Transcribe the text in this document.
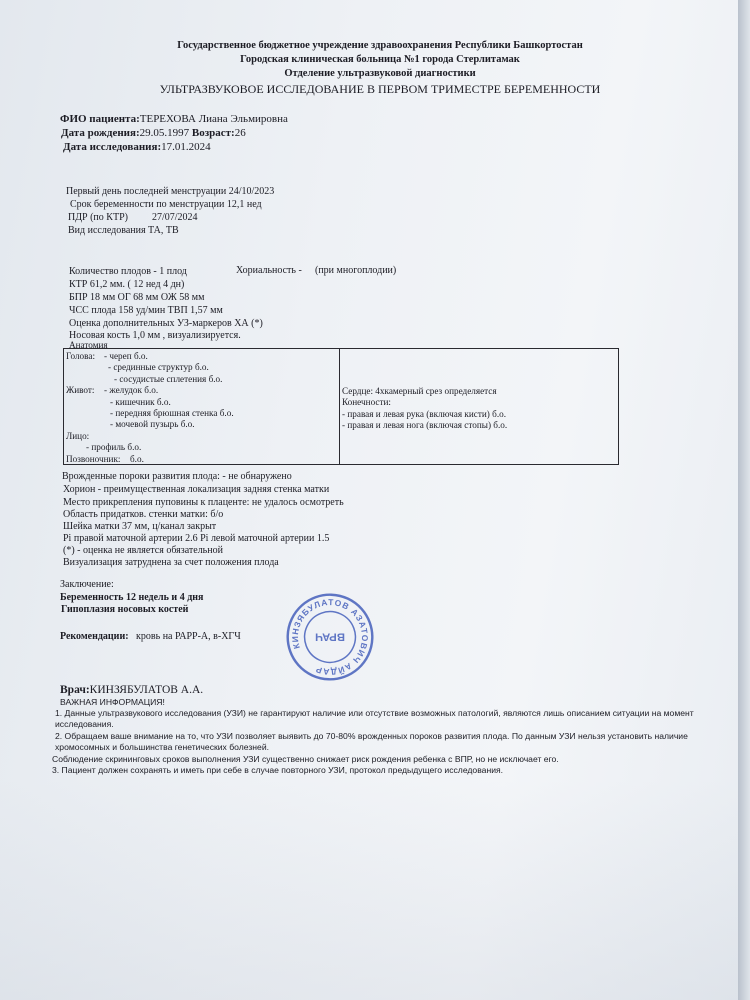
Государственное бюджетное учреждение здравоохранения Республики Башкортостан
Городская клиническая больница №1 города Стерлитамак
Отделение ультразвуковой диагностики
УЛЬТРАЗВУКОВОЕ ИССЛЕДОВАНИЕ В ПЕРВОМ ТРИМЕСТРЕ БЕРЕМЕННОСТИ
ФИО пациента:ТЕРЕХОВА Лиана Эльмировна
Дата рождения:29.05.1997 Возраст:26
Дата исследования:17.01.2024
Первый день последней менструации 24/10/2023
Срок беременности по менструации 12,1 нед
ПДР (по КТР) 27/07/2024
Вид исследования ТА, ТВ
Количество плодов - 1 плод	Хориальность - (при многоплодии)
КТР 61,2 мм. ( 12 нед 4 дн)
БПР 18 мм ОГ 68 мм ОЖ 58 мм
ЧСС плода 158 уд/мин ТВП 1,57 мм
Оценка дополнительных УЗ-маркеров ХА (*)
Носовая кость 1,0 мм , визуализируется.
Анатомия
Голова: - череп б.о.
- срединные структур б.о.
- сосудистые сплетения б.о.
Живот: - желудок б.о.
- кишечник б.о.
- передняя брюшная стенка б.о.
- мочевой пузырь б.о.
Лицо:
- профиль б.о.
Позвоночник: б.о.
Сердце: 4хкамерный срез определяется
Конечности:
- правая и левая рука (включая кисти) б.о.
- правая и левая нога (включая стопы) б.о.
Врожденные пороки развития плода: - не обнаружено
Хорион - преимущественная локализация задняя стенка матки
Место прикрепления пуповины к плаценте: не удалось осмотреть
Область придатков. стенки матки: б/о
Шейка матки 37 мм, ц/канал закрыт
Pi правой маточной артерии 2.6 Pi левой маточной артерии 1.5
(*) - оценка не является обязательной
Визуализация затруднена за счет положения плода
Заключение:
Беременность 12 недель и 4 дня
Гипоплазия носовых костей
Рекомендации: кровь на РАРР-А, в-ХГЧ
КИНЗЯБУЛАТОВ АЗАТОВИЧ АЙДАР
ВРАЧ
Врач:КИНЗЯБУЛАТОВ А.А.
ВАЖНАЯ ИНФОРМАЦИЯ!
1. Данные ультразвукового исследования (УЗИ) не гарантируют наличие или отсутствие возможных патологий, являются лишь описанием ситуации на момент
исследования.
2. Обращаем ваше внимание на то, что УЗИ позволяет выявить до 70-80% врожденных пороков развития плода. По данным УЗИ нельзя установить наличие
хромосомных и большинства генетических болезней.
Соблюдение скрининговых сроков выполнения УЗИ существенно снижает риск рождения ребенка с ВПР, но не исключает его.
3. Пациент должен сохранять и иметь при себе в случае повторного УЗИ, протокол предыдущего исследования.
